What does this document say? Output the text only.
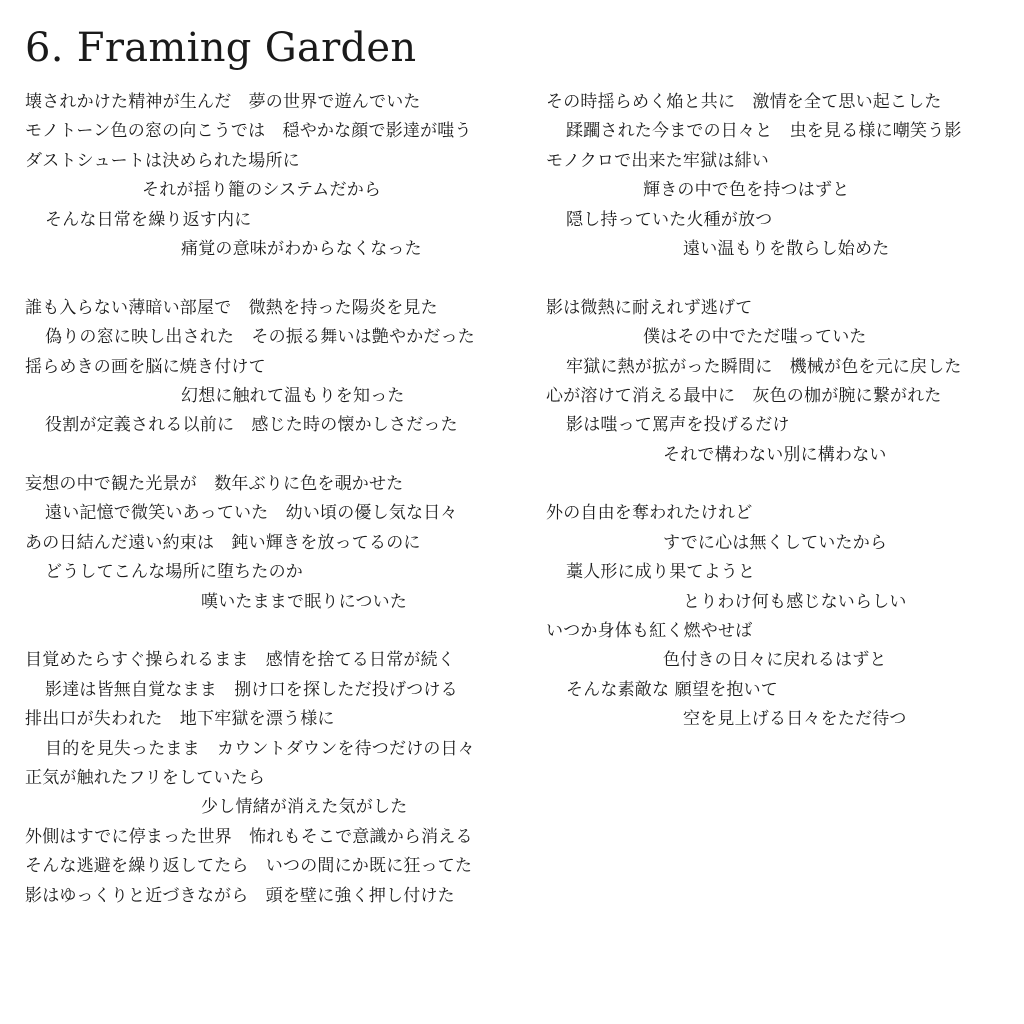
6. Framing Garden
壊されかけた精神が生んだ　夢の世界で遊んでいた
モノトーン色の窓の向こうでは　穏やかな顔で影達が嗤う
ダストシュートは決められた場所に
それが揺り籠のシステムだから
そんな日常を繰り返す内に
痛覚の意味がわからなくなった
誰も入らない薄暗い部屋で　微熱を持った陽炎を見た
偽りの窓に映し出された　その振る舞いは艶やかだった
揺らめきの画を脳に焼き付けて
幻想に触れて温もりを知った
役割が定義される以前に　感じた時の懐かしさだった
妄想の中で観た光景が　数年ぶりに色を覗かせた
遠い記憶で微笑いあっていた　幼い頃の優し気な日々
あの日結んだ遠い約束は　鈍い輝きを放ってるのに
どうしてこんな場所に堕ちたのか
嘆いたままで眠りについた
目覚めたらすぐ操られるまま　感情を捨てる日常が続く
影達は皆無自覚なまま　捌け口を探しただ投げつける
排出口が失われた　地下牢獄を漂う様に
目的を見失ったまま　カウントダウンを待つだけの日々
正気が触れたフリをしていたら
少し情緒が消えた気がした
外側はすでに停まった世界　怖れもそこで意識から消える
そんな逃避を繰り返してたら　いつの間にか既に狂ってた
影はゆっくりと近づきながら　頭を壁に強く押し付けた
その時揺らめく焔と共に　激情を全て思い起こした
蹂躙された今までの日々と　虫を見る様に嘲笑う影
モノクロで出来た牢獄は緋い
輝きの中で色を持つはずと
隠し持っていた火種が放つ
遠い温もりを散らし始めた
影は微熱に耐えれず逃げて
僕はその中でただ嗤っていた
牢獄に熱が拡がった瞬間に　機械が色を元に戻した
心が溶けて消える最中に　灰色の枷が腕に繋がれた
影は嗤って罵声を投げるだけ
それで構わない別に構わない
外の自由を奪われたけれど
すでに心は無くしていたから
藁人形に成り果てようと
とりわけ何も感じないらしい
いつか身体も紅く燃やせば
色付きの日々に戻れるはずと
そんな素敵な 願望を抱いて
空を見上げる日々をただ待つ
